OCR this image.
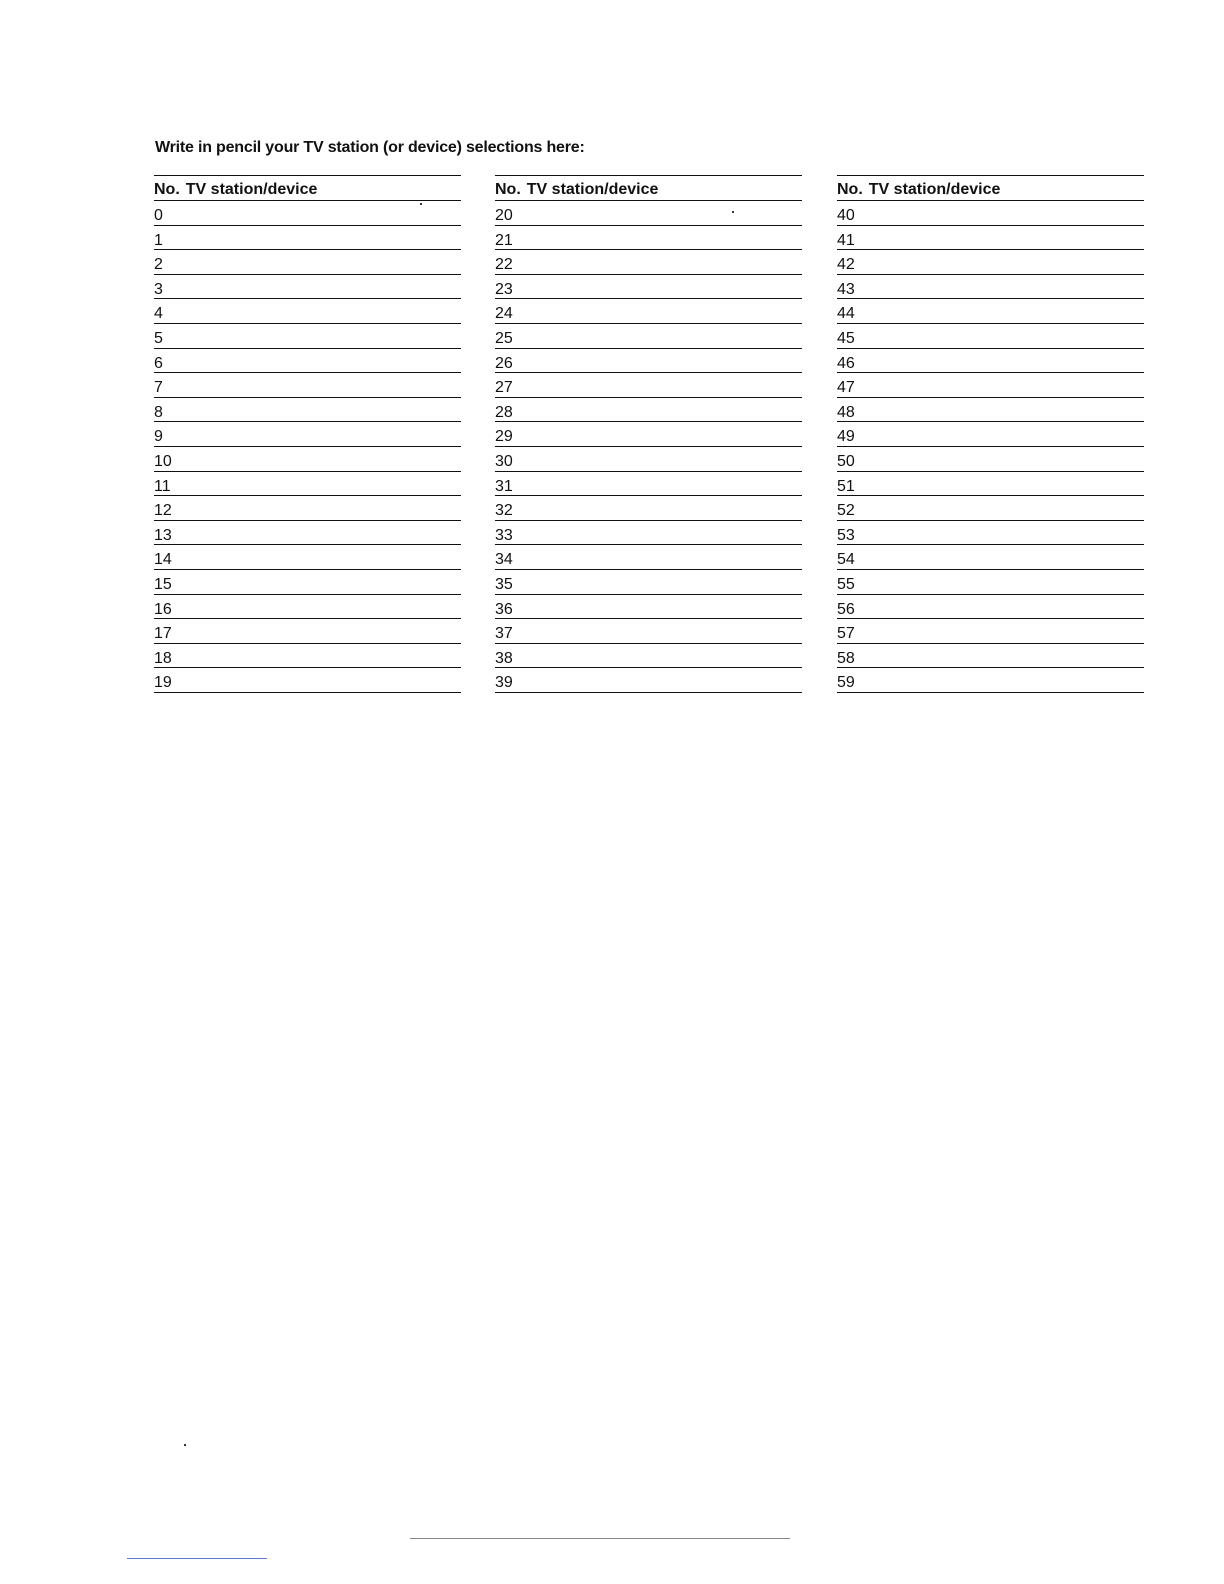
Write in pencil your TV station (or device) selections here:
No. TV station/device
0
1
2
3
4
5
6
7
8
9
10
11
12
13
14
15
16
17
18
19
No. TV station/device
20
21
22
23
24
25
26
27
28
29
30
31
32
33
34
35
36
37
38
39
No. TV station/device
40
41
42
43
44
45
46
47
48
49
50
51
52
53
54
55
56
57
58
59
